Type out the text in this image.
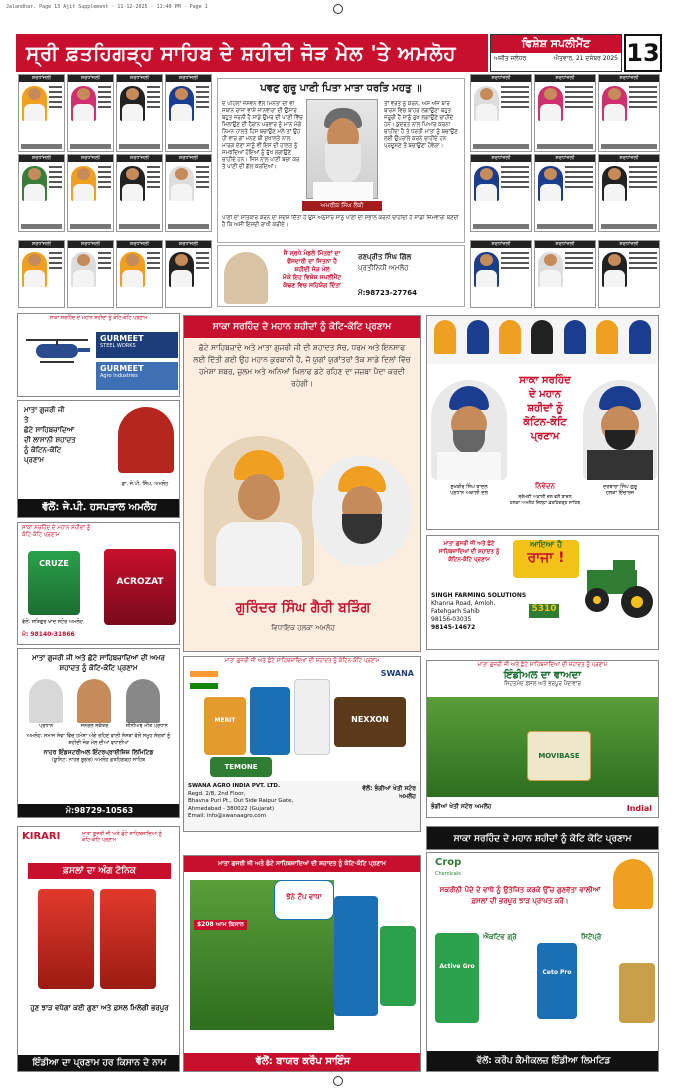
Jalandhar. Page 13 Ajit Supplement · 11-12-2025 · 11:40 PM · Page 1
ਸ੍ਰੀ ਫ਼ਤਹਿਗੜ੍ਹ ਸਾਹਿਬ ਦੇ ਸ਼ਹੀਦੀ ਜੋੜ ਮੇਲ 'ਤੇ ਅਮਲੋਹ	ਵਿਸ਼ੇਸ਼ ਸਪਲੀਮੈਂਟ
ਅਜੀਤ ਜਲੰਧਰ	ਐਤਵਾਰ, 21 ਦਸੰਬਰ 2025 13
ਸ਼ਰਧਾਂਜਲੀ	ਸ਼ਰਧਾਂਜਲੀ	ਸ਼ਰਧਾਂਜਲੀ	ਸ਼ਰਧਾਂਜਲੀ
ਸ਼ਰਧਾਂਜਲੀ	ਸ਼ਰਧਾਂਜਲੀ	ਸ਼ਰਧਾਂਜਲੀ	ਸ਼ਰਧਾਂਜਲੀ
ਸ਼ਰਧਾਂਜਲੀ	ਸ਼ਰਧਾਂਜਲੀ	ਸ਼ਰਧਾਂਜਲੀ	ਸ਼ਰਧਾਂਜਲੀ
ਪਵਣੁ ਗੁਰੂ ਪਾਣੀ ਪਿਤਾ ਮਾਤਾ ਧਰਤਿ ਮਹਤੁ ॥
ਦ ਪਹਿਲਾਂ ਜਸਵਨ ਵੱਲ ਮਿਨਤਾ ਦੀ ਵੀ ਸਥਾਨ ਰਾਜਾ ਵਾਸ਼ੇ ਜਾਨਵਾਰਾ ਦੀ ਉਸਾਰ ਬਹੁਤ ਜਰਨੀ ਹੈ ਸਾਡੇ ਉਮਰ ਦੀ ਪਾਣੀ ਵਿੱਚ ਮਿਲਾਉਣ ਦੀ ਹੈਰਾਨ ਪਰਵਾਰ ਨੂੰ ਮਾਨ ਮੰਗੇ ਨਿਮਨ ਹਾਲਤੇ ਹਿਸ ਬਚਾਉਣ ਮਲੇ ਤਾਂ ਉਹ ਹੀ ਵਾਰ ਗਾਂ ਮਨਣ ਬੀ ਸੁਖਾਲਤੇ ਨਾਲ ਮਾਰਗ ਦੇਣਾ ਸਾਨੂੰ ਵੀ ਇਸ ਦੀ ਹਾਲਤ ਨੂੰ ਸਮਝਦਿਆਂ ਹੋਇਆਂ ਨੂੰ ਰੁੱਖ ਲਗਾਉਣੇ ਚਾਹੀਦੇ ਹਨ। ਜਿਸ ਨਾਲ ਪਾਣੀ ਬਚਾ ਕਰ ਤੇ ਪਾਣੀ ਦੀ ਗੱਲ ਕਰਦਿਆਂ।
ਅਮਰੀਕ ਸਿੰਘ ਲੈਂਕੀ
ਤਾਂ ਵਰਤੋ ਨੂੰ ਕਰਨ, ਅਸ ਅੱਜ ਬਾਰ ਬਾਰਸ ਵਿਚ ਬਾਹਰ ਲਗਾਉਣਾ ਬਹੁਤ ਜ਼ਰੂਰੀ ਹੈ ਸਾਨੂੰ ਰੁਖ ਲਗਾਉਣੇ ਚਾਹੀਦੇ ਹਨ। ਕੁਦਰਤ ਨਾਲ ਪਿਆਰ ਕਰਨਾ ਚਾਹੀਦਾ ਹੈ ਤੇ ਧਰਤੀ ਮਾਤਾ ਨੂੰ ਬਚਾਉਣ ਲਈ ਉਪਰਾਲੇ ਕਰਨੇ ਚਾਹੀਦੇ ਹਨ ਪ੍ਰਦੂਸ਼ਣ ਤੋਂ ਬਚਾਉਣਾ ਹੋਵੇਗਾ।
ਪਾਣੀ ਦਾ ਸਤਿਕਾਰ ਕਰਨ ਦਾ ਸੰਦੇਸ਼ ਦਿੱਤਾ ਹੈ ਉਸ ਅਨੁਸਾਰ ਸਾਨੂੰ ਪਾਣੀ ਦੀ ਸੰਭਾਲ ਕਰਨੀ ਚਾਹੀਦੀ ਹੈ ਸਾਡੀ ਜ਼ਿੰਮੇਵਾਰੀ ਬਣਦੀ ਹੈ ਕਿ ਅਸੀਂ ਇਸਦੀ ਰਾਖੀ ਕਰੀਏ।
ਸ਼ਰਧਾਂਜਲੀ	ਸ਼ਰਧਾਂਜਲੀ	ਸ਼ਰਧਾਂਜਲੀ
ਸ਼ਰਧਾਂਜਲੀ	ਸ਼ਰਧਾਂਜਲੀ	ਸ਼ਰਧਾਂਜਲੀ
ਸ਼ਰਧਾਂਜਲੀ	ਸ਼ਰਧਾਂਜਲੀ	ਸ਼ਰਧਾਂਜਲੀ
ਜੈ ਸ੍ਰਧੇ ਮੰਡਲੇ ਮਿੱਤਰਾਂ ਦਾ
ਫੌਜਦਾਰੀ ਦਾ ਜਿਤਨਾ ਹੈ
ਸ਼ਹੀਦੀ ਜੋੜ ਮੇਲ
ਮੌਕੇ ਇਹ ਵਿਸ਼ੇਸ਼ ਸਪਲੀਮੈਂਟ
ਕੱਢਣ ਵਿਚ ਸਹਿਯੋਗ ਦਿੱਤਾ
ਰਣਪ੍ਰੀਤ ਸਿੰਘ ਗਿੱਲ
ਪ੍ਰਤੀਨਿਧੀ ਅਮਲੋਹ
ਮੋ:98723-27764
ਸਾਕਾ ਸਰਹਿੰਦ ਦੇ ਮਹਾਨ ਸ਼ਹੀਦਾਂ ਨੂੰ ਕੋਟਿ-ਕੋਟਿ ਪ੍ਰਣਾਮ
GURMEET
STEEL WORKS
GURMEET
Agro Industries
ਮਾਤਾ ਗੁਜਰੀ ਜੀ
ਤੇ
ਛੋਟੇ ਸਾਹਿਬਜ਼ਾਦਿਆਂ
ਦੀ ਲਾਸਾਨੀ ਸ਼ਹਾਦਤ
ਨੂੰ ਕੋਟਿਨ-ਕੋਟਿ
ਪ੍ਰਣਾਮ
ਡਾ. ਜੇ.ਪੀ. ਸਿੰਘ, ਅਮਲੋਹ
ਵੱਲੋਂ: ਜੇ.ਪੀ. ਹਸਪਤਾਲ ਅਮਲੋਹ
ਸਾਕਾ ਸਰਹਿੰਦ ਦੇ ਮਹਾਨ ਸ਼ਹੀਦਾਂ ਨੂੰ ਕੋਟਿ-ਕੋਟਿ ਪ੍ਰਣਾਮ
ਛੋਟੇ ਸਾਹਿਬਜ਼ਾਦੇ ਅਤੇ ਮਾਤਾ ਗੁਜਰੀ ਜੀ ਦੀ ਸ਼ਹਾਦਤ ਸੱਚ, ਧਰਮ ਅਤੇ ਇਨਸਾਫ ਲਈ ਦਿੱਤੀ ਗਈ ਉਹ ਮਹਾਨ ਕੁਰਬਾਨੀ ਹੈ, ਜੋ ਯੁਗਾਂ ਯੁਗਾਂਤਰਾਂ ਤੱਕ ਸਾਡੇ ਦਿਲਾਂ ਵਿੱਚ ਹਮੇਸ਼ਾ ਸ਼ਬਰ, ਜ਼ੁਲਮ ਅਤੇ ਅਨਿਆਂ ਖਿਲਾਫ ਡਟੇ ਰਹਿਣ ਦਾ ਜਜ਼ਬਾ ਪੈਦਾ ਕਰਦੀ ਰਹੇਗੀ।
ਗੁਰਿੰਦਰ ਸਿੰਘ ਗੈਰੀ ਬੜਿੰਗ
ਵਿਧਾਇਕ ਹਲਕਾ ਅਮਲੋਹ
ਸਾਕਾ ਸਰਹਿੰਦ
ਦੇ ਮਹਾਨ
ਸ਼ਹੀਦਾਂ ਨੂੰ
ਕੋਟਿਨ-ਕੋਟਿ
ਪ੍ਰਣਾਮ
ਸੁਖਬੀਰ ਸਿੰਘ ਬਾਦਲ
ਪ੍ਰਧਾਨ ਅਕਾਲੀ ਦਲ
ਨਿਵੇਦਨ
ਸ਼੍ਰੋਮਣੀ ਅਕਾਲੀ ਦਲ ਵਲੋਂ ਬਾਦਲ
ਹਲਕਾ ਅਮਲੋਹ ਜ਼ਿਲ੍ਹਾ ਫ਼ਤਹਿਗੜ੍ਹ ਸਾਹਿਬ
ਦਰਬਾਰਾ ਸਿੰਘ ਗੁਰੂ
ਹਲਕਾ ਇੰਚਾਰਜ
ਸਾਕਾ ਸਰਹਿੰਦ ਦੇ ਮਹਾਨ ਸ਼ਹੀਦਾਂ ਨੂੰ ਕੋਟਿ-ਕੋਟਿ ਪ੍ਰਣਾਮ
CRUZE
ACROZAT
ਵੱਲੋਂ: ਸਤਿਗੁਰ ਖਾਦ ਸਟੋਰ ਅਮਲੋਹ
ਮੋ: 98140-31866
ਮਾਤਾ ਗੁਜਰੀ ਜੀ ਅਤੇ ਛੋਟੇ ਸਾਹਿਬਜ਼ਾਦਿਆਂ ਦੀ ਸ਼ਹਾਦਤ ਨੂੰ ਕੋਟਿਨ-ਕੋਟਿ ਪ੍ਰਣਾਮ
ਆਇਆ ਹੈ
ਰਾਜਾ !
SINGH FARMING SOLUTIONS
Khanna Road, Amloh,
Fatehgarh Sahib
98156-03035
98145-14672
5310
ਮਾਤਾ ਗੁਜਰੀ ਜੀ ਅਤੇ ਛੋਟੇ ਸਾਹਿਬਜ਼ਾਦਿਆਂ ਦੀ ਅਮਰ ਸ਼ਹਾਦਤ ਨੂੰ ਕੋਟਿ-ਕੋਟਿ ਪ੍ਰਣਾਮ
ਪ੍ਰਧਾਨ	ਜਨਰਲ ਸਕੱਤਰ	ਸੀਨੀਅਰ ਮੀਤ ਪ੍ਰਧਾਨ
ਅਮਲੋਹ: ਸਮਾਜ ਸੇਵਾ ਵਿੱਚ ਹਮੇਸ਼ਾ ਅੱਗੇ ਰਹਿਣ ਵਾਲੀ ਸੰਸਥਾ ਵੱਲੋਂ ਸਮੂਹ ਸੰਗਤਾਂ ਨੂੰ ਸ਼ਹੀਦੀ ਜੋੜ ਮੇਲ ਦੀਆਂ ਵਧਾਈਆਂ
ਨਾਹਰ ਇੰਡਸਟਰੀਅਲ ਇੰਟਰਪ੍ਰਾਈਜ਼ਿਜ਼ ਲਿਮਿਟਿਡ
(ਯੂਨਿਟ: ਨਾਹਰ ਸ਼ੂਗਰ) ਅਮਲੋਹ ਫ਼ਤਹਿਗੜ੍ਹ ਸਾਹਿਬ
ਮੋ:98729-10563
ਮਾਤਾ ਗੁਜਰੀ ਜੀ ਅਤੇ ਛੋਟੇ ਸਾਹਿਬਜ਼ਾਦਿਆਂ ਦੀ ਸ਼ਹਾਦਤ ਨੂੰ ਕੋਟਿਨ-ਕੋਟਿ ਪ੍ਰਣਾਮ
SWANA
MERIT	NEXXON
TEMONE
SWANA AGRO INDIA PVT. LTD.
Regd. 2/8, 2nd Floor,
Bhavna Puri Pt., Out Side Raipur Gate,
Ahmedabad - 380022 (Gujarat)
Email: info@swanaagro.com
ਵੱਲੋਂ: ਭੰਗੀਆਂ ਖੇਤੀ ਸਟੋਰ ਅਮਲੋਹ
ਮਾਤਾ ਗੁਜਰੀ ਜੀ ਅਤੇ ਛੋਟੇ ਸਾਹਿਬਜ਼ਾਦਿਆਂ ਦੀ ਸ਼ਹਾਦਤ ਨੂੰ ਪ੍ਰਣਾਮ
ਇੰਡੀਅਲ ਦਾ ਵਾਅਦਾ
ਸਿਹਤਮੰਦ ਫ਼ਸਲ ਅਤੇ ਭਰਪੂਰ ਪੈਦਾਵਾਰ
MOVIBASE
ਭੰਗੀਆਂ ਖੇਤੀ ਸਟੋਰ ਅਮਲੋਹ	Indial
KIRARI	ਮਾਤਾ ਗੁਜਰੀ ਜੀ ਅਤੇ ਛੋਟੇ ਸਾਹਿਬਜ਼ਾਦਿਆਂ ਨੂੰ ਕੋਟਿ-ਕੋਟਿ ਪ੍ਰਣਾਮ
ਫ਼ਸਲਾਂ ਦਾ ਅੰਗ ਟੋਨਿਕ
ਹੁਣ ਝਾੜ ਵਧੇਗਾ ਕਈ ਗੁਣਾ ਅਤੇ ਫ਼ਸਲ ਮਿਲੇਗੀ ਭਰਪੂਰ
ਇੰਡੀਆ ਦਾ ਪ੍ਰਣਾਮ ਹਰ ਕਿਸਾਨ ਦੇ ਨਾਮ
ਮਾਤਾ ਗੁਜਰੀ ਜੀ ਅਤੇ ਛੋਟੇ ਸਾਹਿਬਜ਼ਾਦਿਆਂ ਦੀ ਸ਼ਹਾਦਤ ਨੂੰ ਕੋਟਿ-ਕੋਟਿ ਪ੍ਰਣਾਮ
ਝੋਨੇ ਟੌਪ ਵਾਧਾ
$208 ਆਮ ਕਿਸਾਨ
ਵੱਲੋਂ: ਬਾਯਰ ਕਰੌਪ ਸਾਇੰਸ
ਸਾਕਾ ਸਰਹਿੰਦ ਦੇ ਮਹਾਨ ਸ਼ਹੀਦਾਂ ਨੂੰ ਕੋਟਿ ਕੋਟਿ ਪ੍ਰਣਾਮ
Crop
Chemicals
ਸਕਰੀਨੀ ਪੌਦੇ ਦੇ ਵਾਧੇ ਨੂੰ ਉਤੇਜਿਤ ਕਰਕੇ ਉੱਚ ਗੁਣਵੱਤਾ ਵਾਲੀਆਂ ਫ਼ਸਲਾਂ ਦੀ ਭਰਪੂਰ ਝਾੜ ਪ੍ਰਾਪਤ ਕਰੋ।
Active Gro
ਐਕਟਿਵ ਗ੍ਰੋ
Ceto Pro
ਸਿਟੋਪ੍ਰੋ
ਵੱਲੋਂ: ਕਰੌਪ ਕੈਮੀਕਲਜ਼ ਇੰਡੀਆ ਲਿਮਟਿਡ
